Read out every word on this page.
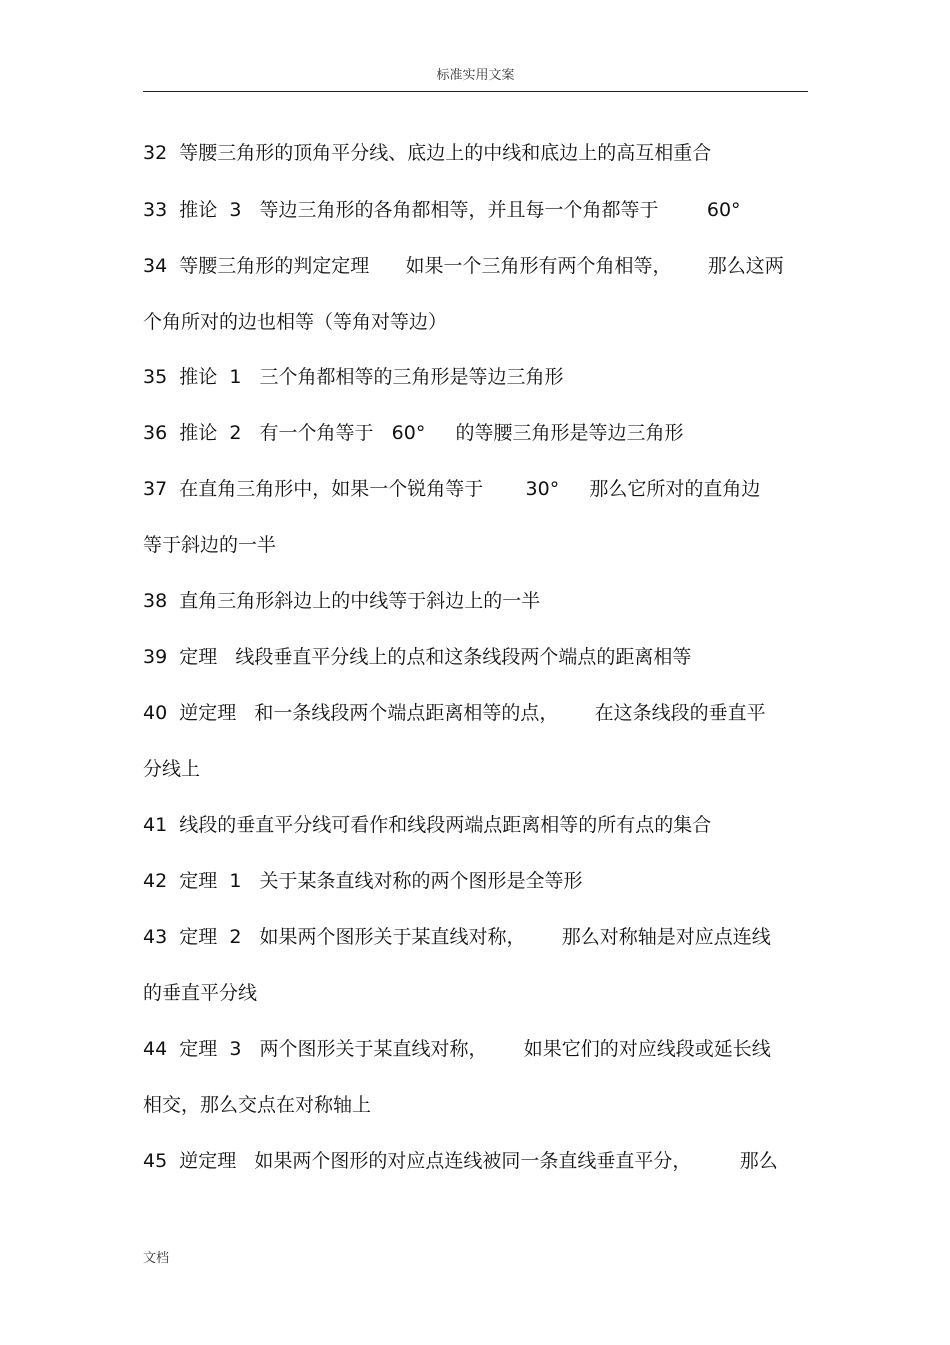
标准实用文案
32  等腰三角形的顶角平分线、底边上的中线和底边上的高互相重合
33  推论  3   等边三角形的各角都相等，并且每一个角都等于        60°
34  等腰三角形的判定定理      如果一个三角形有两个角相等，      那么这两
个角所对的边也相等（等角对等边）
35  推论  1   三个角都相等的三角形是等边三角形
36  推论  2   有一个角等于   60°     的等腰三角形是等边三角形
37  在直角三角形中，如果一个锐角等于       30°     那么它所对的直角边
等于斜边的一半
38  直角三角形斜边上的中线等于斜边上的一半
39  定理   线段垂直平分线上的点和这条线段两个端点的距离相等
40  逆定理   和一条线段两个端点距离相等的点，      在这条线段的垂直平
分线上
41  线段的垂直平分线可看作和线段两端点距离相等的所有点的集合
42  定理  1   关于某条直线对称的两个图形是全等形
43  定理  2   如果两个图形关于某直线对称，      那么对称轴是对应点连线
的垂直平分线
44  定理  3   两个图形关于某直线对称，      如果它们的对应线段或延长线
相交，那么交点在对称轴上
45  逆定理   如果两个图形的对应点连线被同一条直线垂直平分，        那么
文档
